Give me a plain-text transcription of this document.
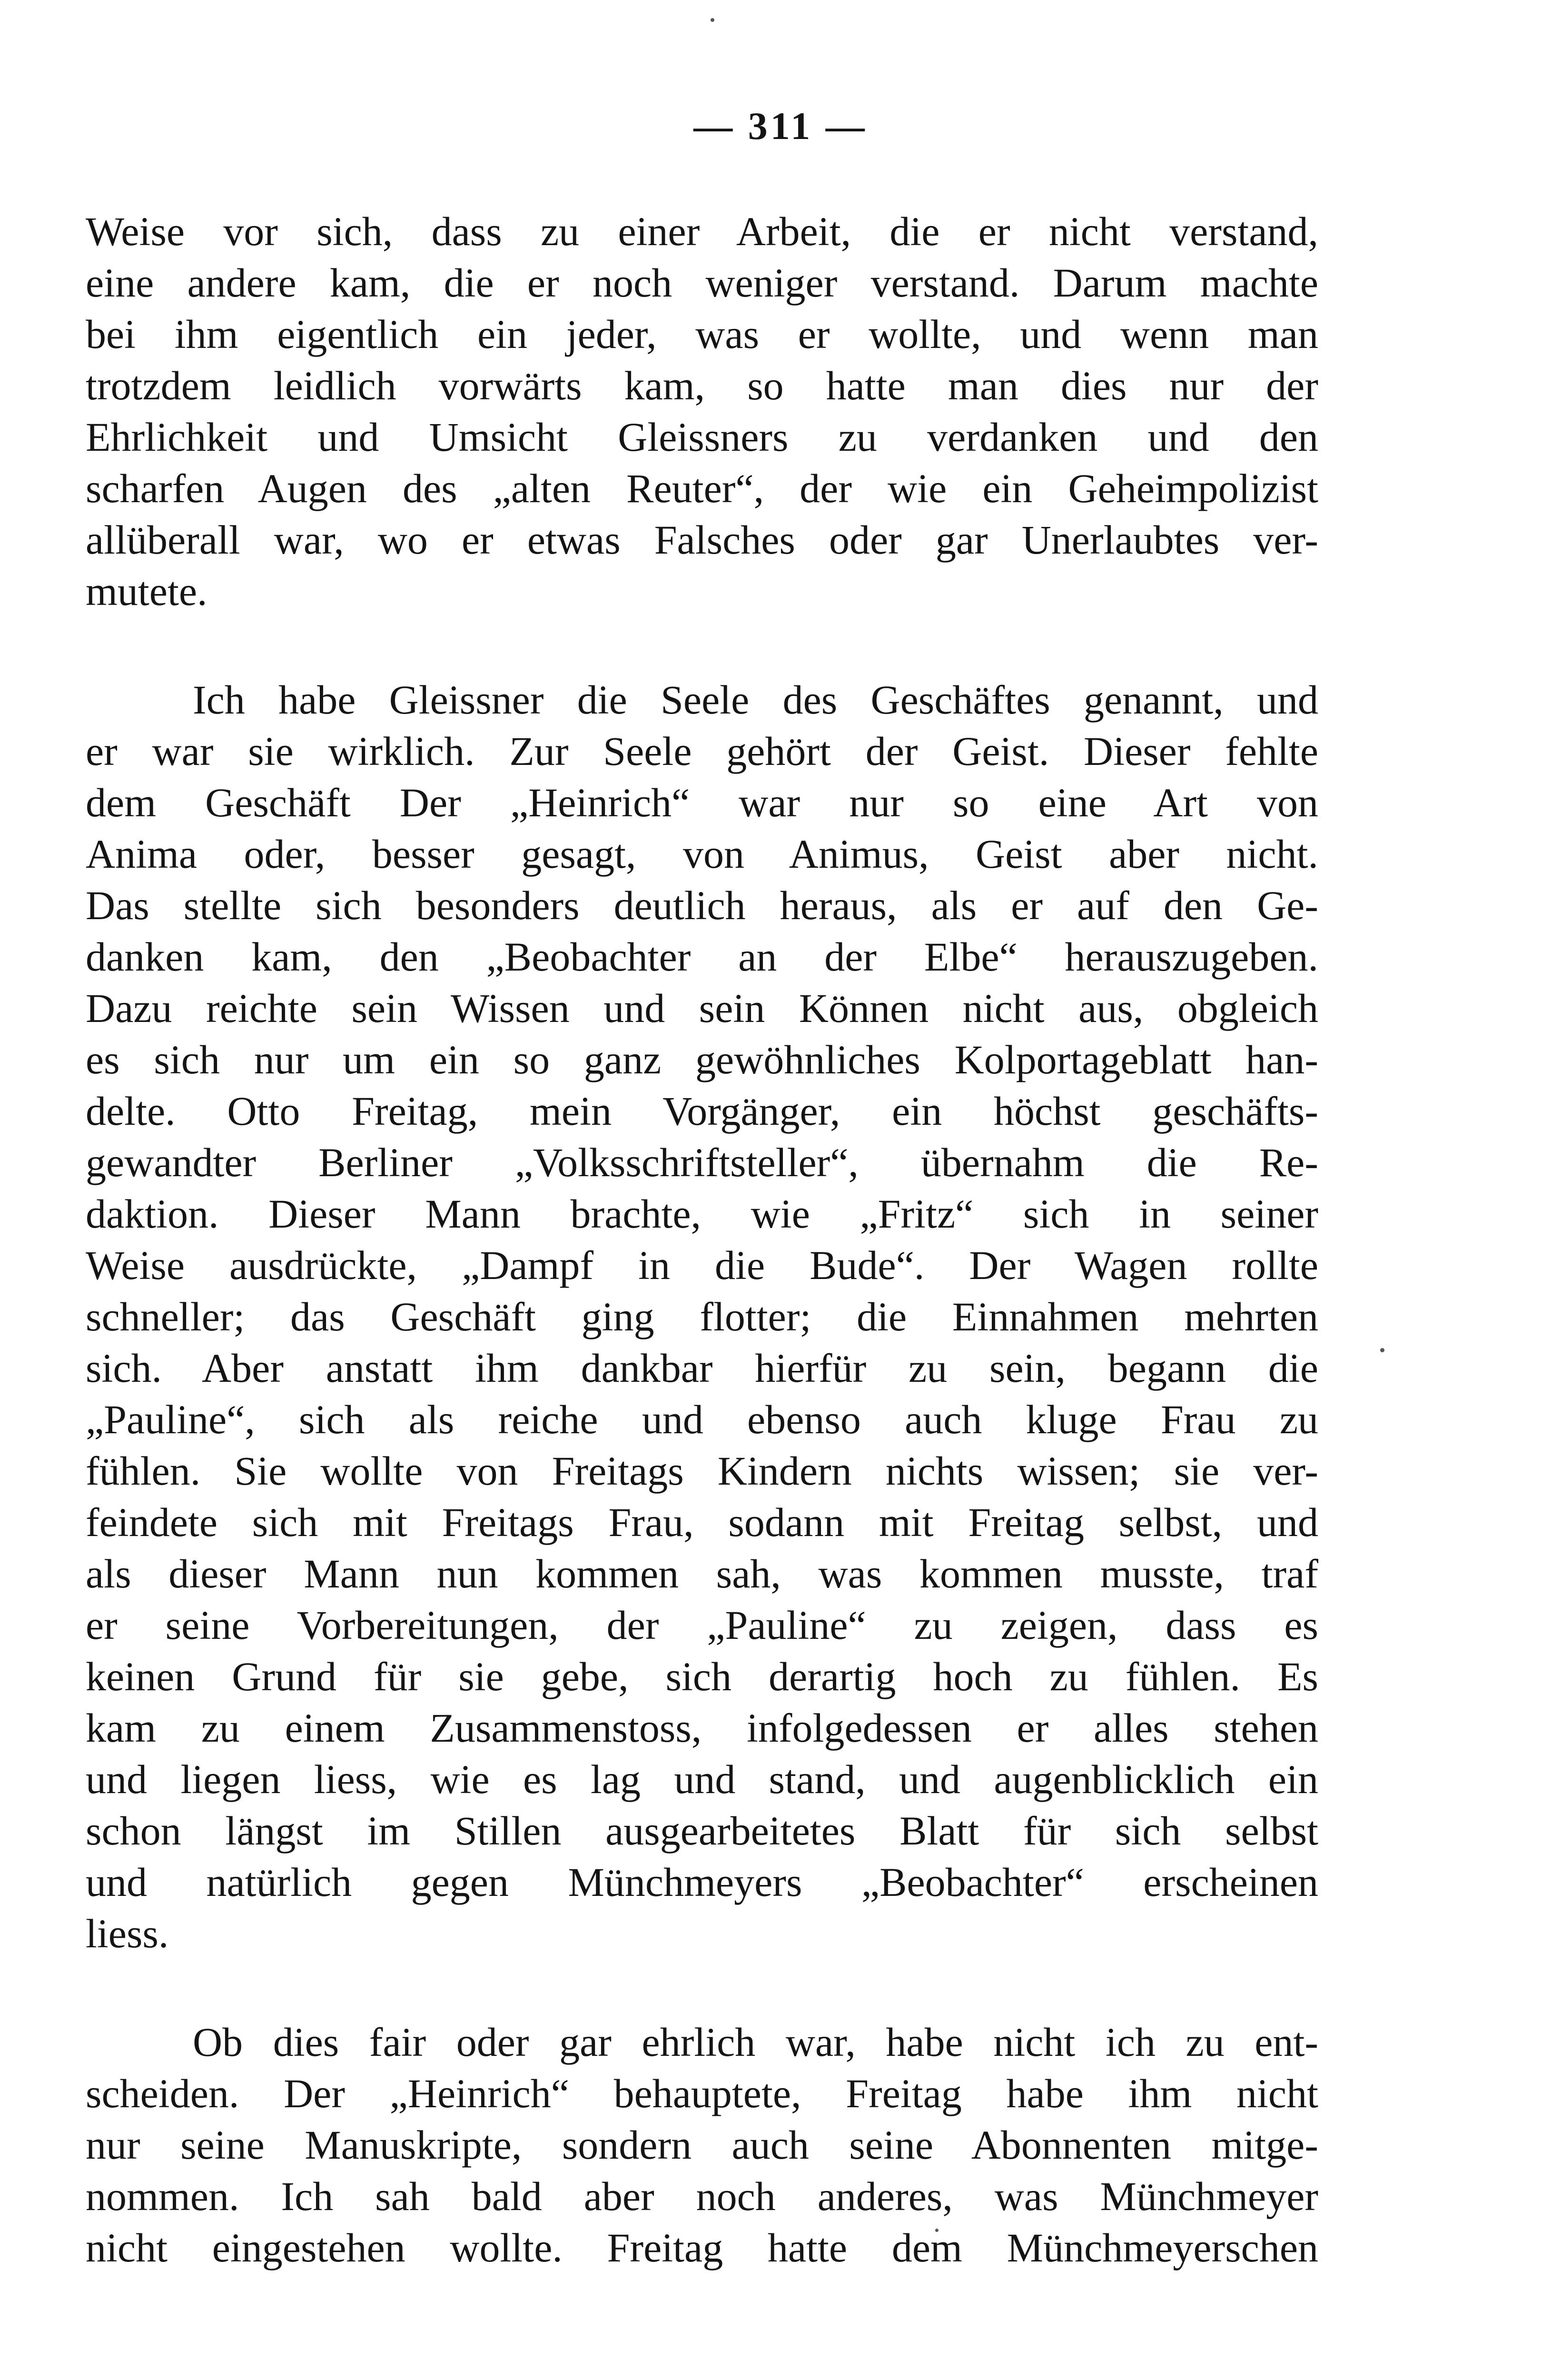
— 311 —
Weise vor sich, dass zu einer Arbeit, die er nicht verstand,
eine andere kam, die er noch weniger verstand. Darum machte
bei ihm eigentlich ein jeder, was er wollte, und wenn man
trotzdem leidlich vorwärts kam, so hatte man dies nur der
Ehrlichkeit und Umsicht Gleissners zu verdanken und den
scharfen Augen des „alten Reuter“, der wie ein Geheimpolizist
allüberall war, wo er etwas Falsches oder gar Unerlaubtes ver-
mutete.
Ich habe Gleissner die Seele des Geschäftes genannt, und
er war sie wirklich. Zur Seele gehört der Geist. Dieser fehlte
dem Geschäft Der „Heinrich“ war nur so eine Art von
Anima oder, besser gesagt, von Animus, Geist aber nicht.
Das stellte sich besonders deutlich heraus, als er auf den Ge-
danken kam, den „Beobachter an der Elbe“ herauszugeben.
Dazu reichte sein Wissen und sein Können nicht aus, obgleich
es sich nur um ein so ganz gewöhnliches Kolportageblatt han-
delte. Otto Freitag, mein Vorgänger, ein höchst geschäfts-
gewandter Berliner „Volksschriftsteller“, übernahm die Re-
daktion. Dieser Mann brachte, wie „Fritz“ sich in seiner
Weise ausdrückte, „Dampf in die Bude“. Der Wagen rollte
schneller; das Geschäft ging flotter; die Einnahmen mehrten
sich. Aber anstatt ihm dankbar hierfür zu sein, begann die
„Pauline“, sich als reiche und ebenso auch kluge Frau zu
fühlen. Sie wollte von Freitags Kindern nichts wissen; sie ver-
feindete sich mit Freitags Frau, sodann mit Freitag selbst, und
als dieser Mann nun kommen sah, was kommen musste, traf
er seine Vorbereitungen, der „Pauline“ zu zeigen, dass es
keinen Grund für sie gebe, sich derartig hoch zu fühlen. Es
kam zu einem Zusammenstoss, infolgedessen er alles stehen
und liegen liess, wie es lag und stand, und augenblicklich ein
schon längst im Stillen ausgearbeitetes Blatt für sich selbst
und natürlich gegen Münchmeyers „Beobachter“ erscheinen
liess.
Ob dies fair oder gar ehrlich war, habe nicht ich zu ent-
scheiden. Der „Heinrich“ behauptete, Freitag habe ihm nicht
nur seine Manuskripte, sondern auch seine Abonnenten mitge-
nommen. Ich sah bald aber noch anderes, was Münchmeyer
nicht eingestehen wollte. Freitag hatte dem Münchmeyerschen
